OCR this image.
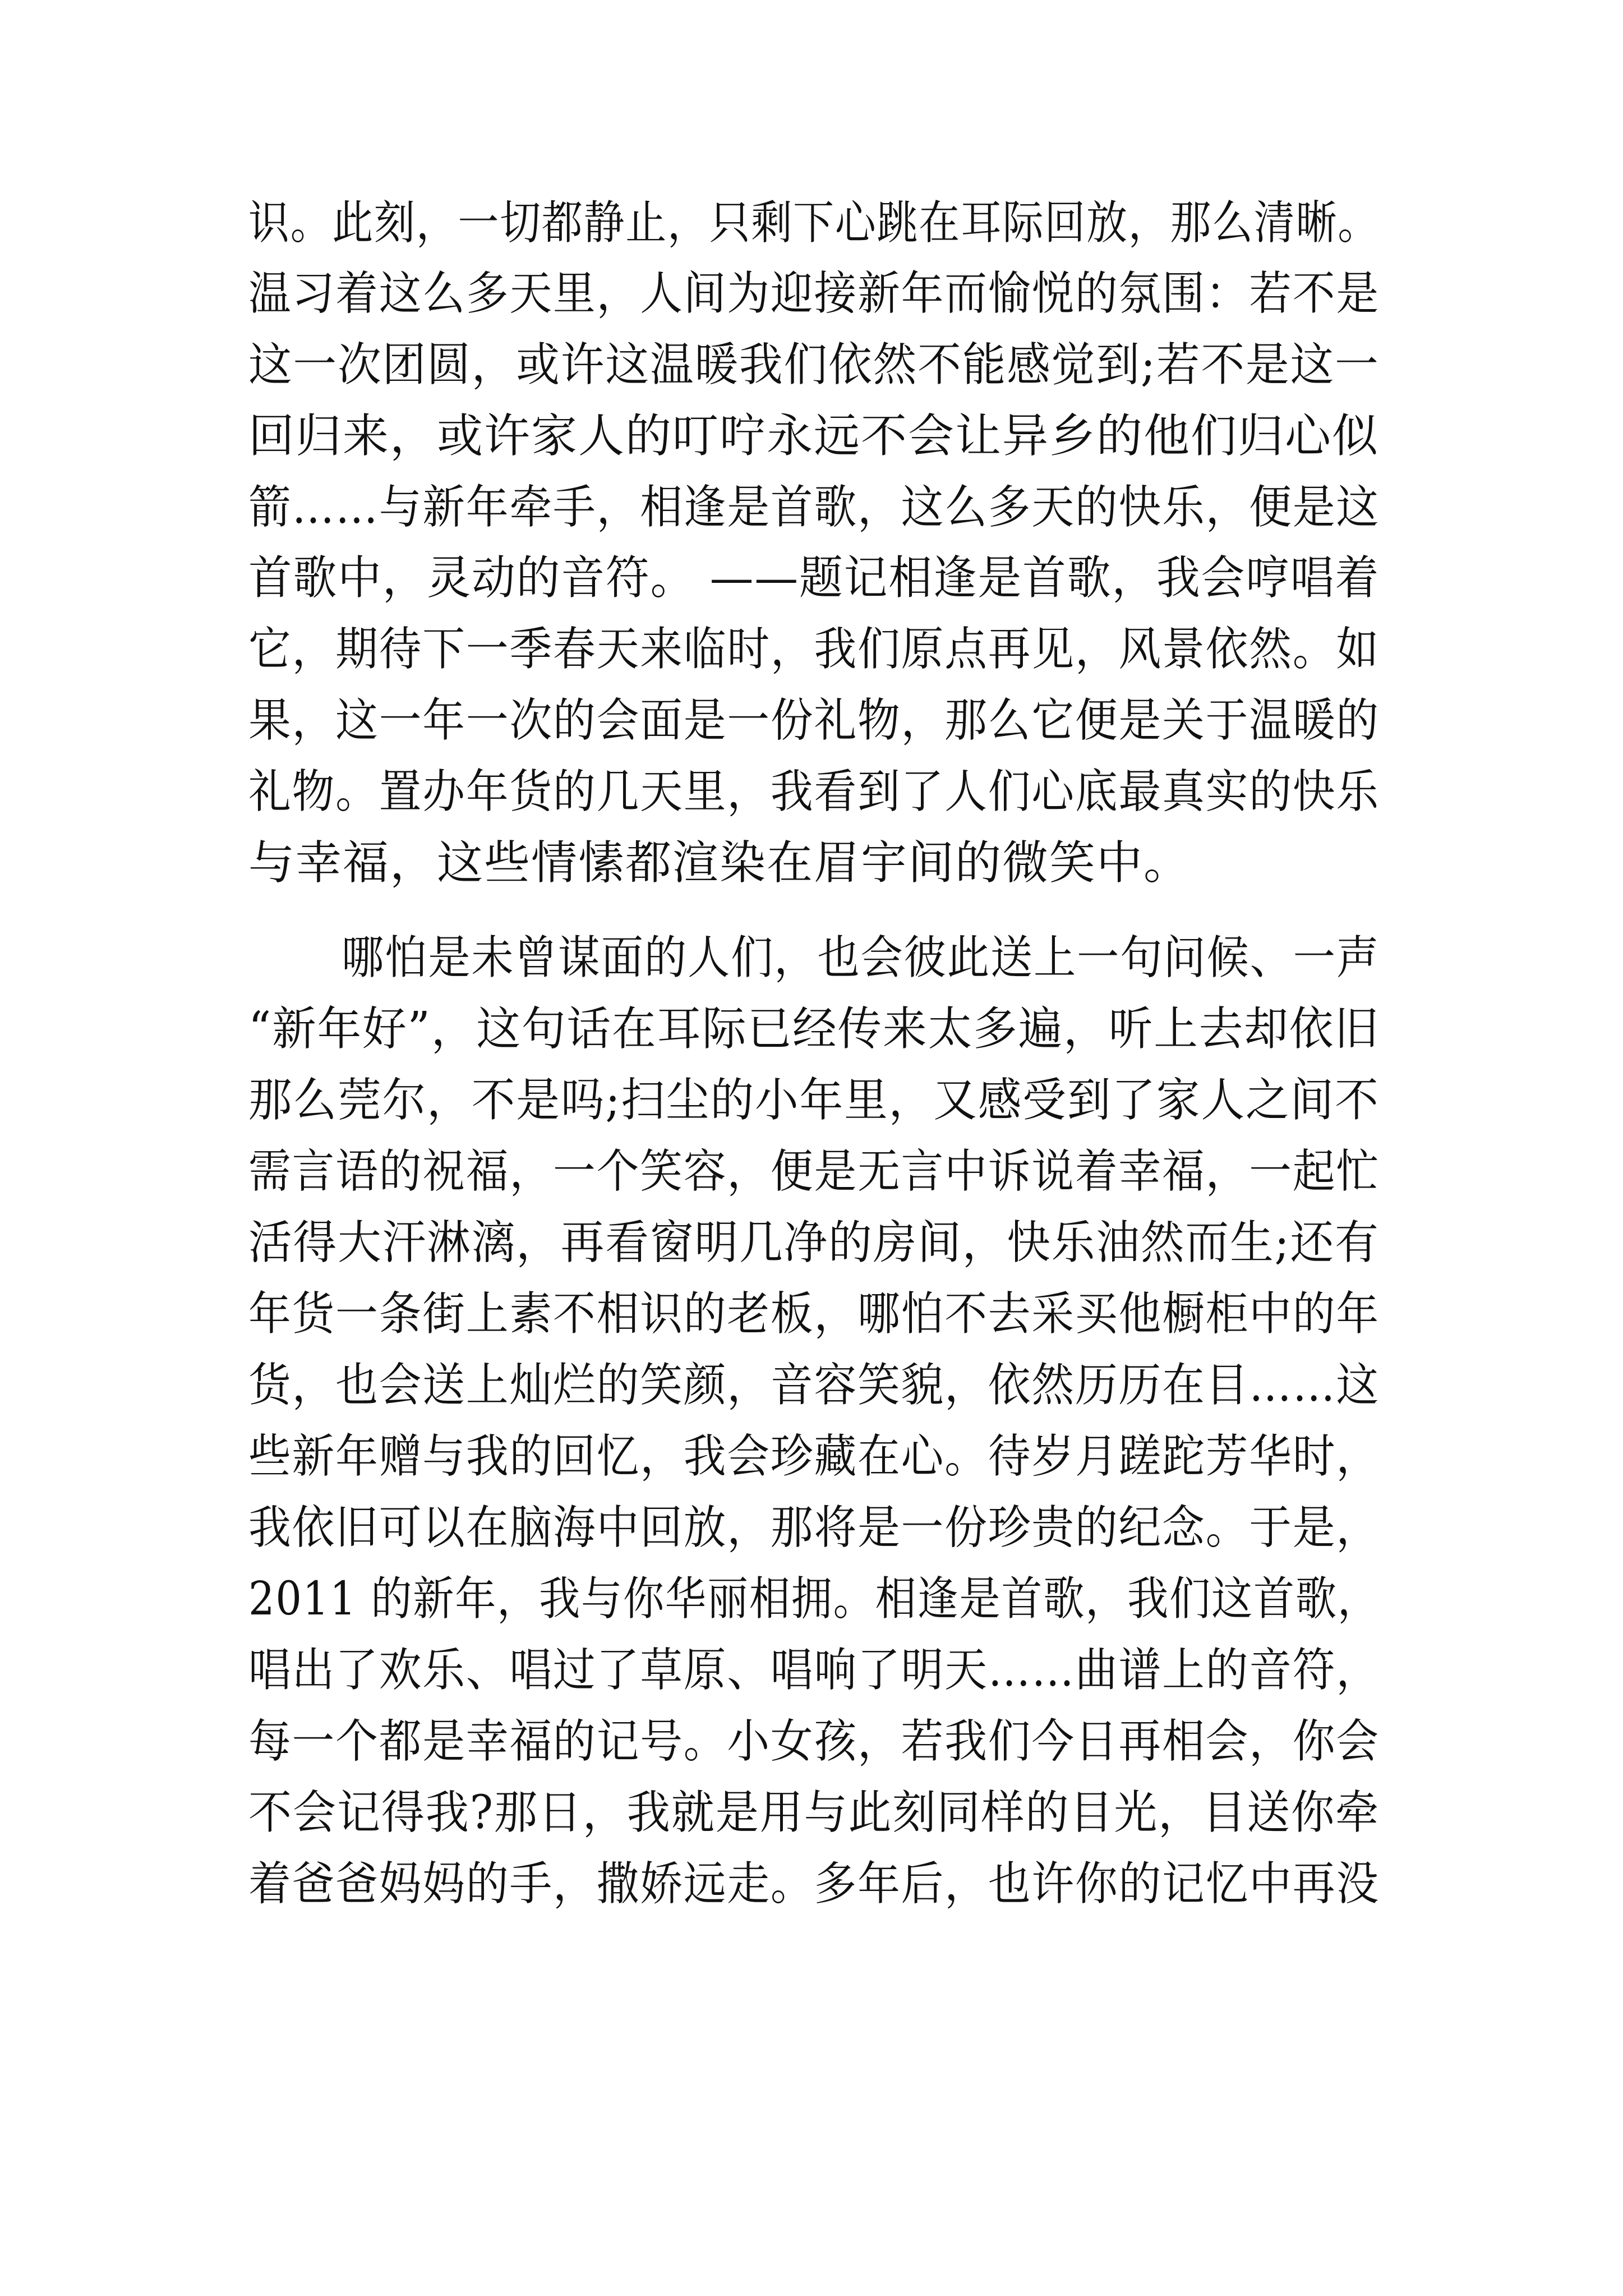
识。此刻，一切都静止，只剩下心跳在耳际回放，那么清晰。
温习着这么多天里，人间为迎接新年而愉悦的氛围：若不是
这一次团圆，或许这温暖我们依然不能感觉到;若不是这一
回归来，或许家人的叮咛永远不会让异乡的他们归心似
箭……与新年牵手，相逢是首歌，这么多天的快乐，便是这
首歌中，灵动的音符。 ——题记相逢是首歌，我会哼唱着
它，期待下一季春天来临时，我们原点再见，风景依然。如
果，这一年一次的会面是一份礼物，那么它便是关于温暖的
礼物。置办年货的几天里，我看到了人们心底最真实的快乐
与幸福，这些情愫都渲染在眉宇间的微笑中。
哪怕是未曾谋面的人们，也会彼此送上一句问候、一声
“新年好”，这句话在耳际已经传来太多遍，听上去却依旧
那么莞尔，不是吗;扫尘的小年里，又感受到了家人之间不
需言语的祝福，一个笑容，便是无言中诉说着幸福，一起忙
活得大汗淋漓，再看窗明几净的房间，快乐油然而生;还有
年货一条街上素不相识的老板，哪怕不去采买他橱柜中的年
货，也会送上灿烂的笑颜，音容笑貌，依然历历在目……这
些新年赠与我的回忆，我会珍藏在心。待岁月蹉跎芳华时，
我依旧可以在脑海中回放，那将是一份珍贵的纪念。于是，
2011 的新年，我与你华丽相拥。相逢是首歌，我们这首歌，
唱出了欢乐、唱过了草原、唱响了明天……曲谱上的音符，
每一个都是幸福的记号。小女孩，若我们今日再相会，你会
不会记得我?那日，我就是用与此刻同样的目光，目送你牵
着爸爸妈妈的手，撒娇远走。多年后，也许你的记忆中再没
